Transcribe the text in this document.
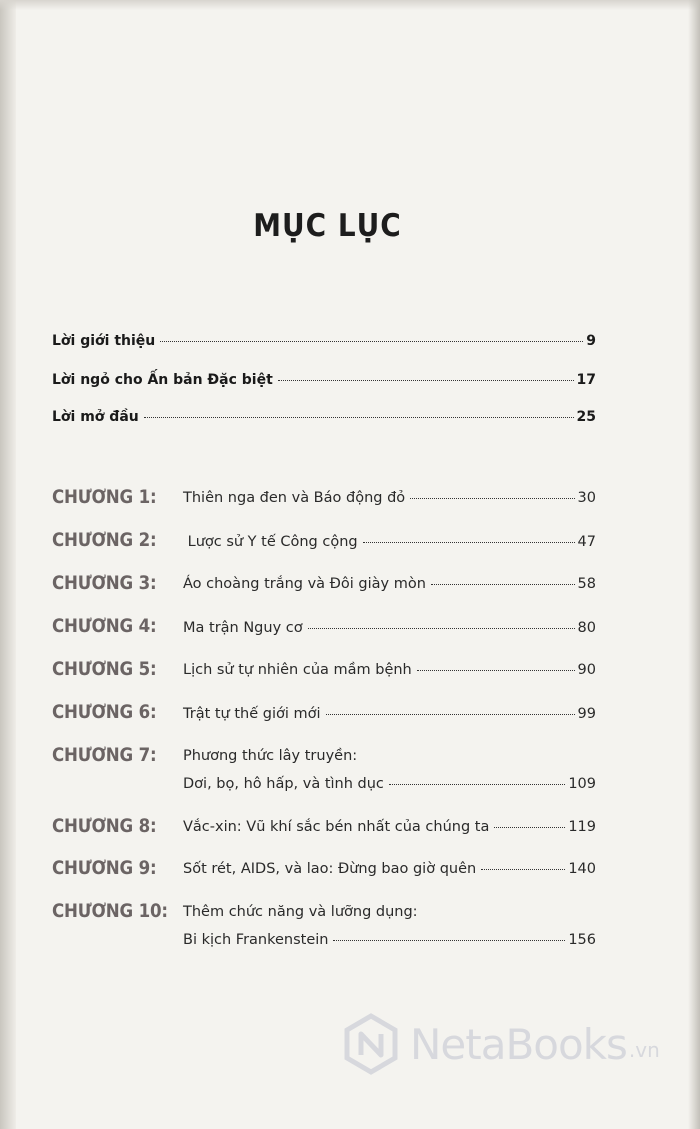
MỤC LỤC
Lời giới thiệu	9
Lời ngỏ cho Ấn bản Đặc biệt	17
Lời mở đầu	25
CHƯƠNG 1: Thiên nga đen và Báo động đỏ	30
CHƯƠNG 2: Lược sử Y tế Công cộng	47
CHƯƠNG 3: Áo choàng trắng và Đôi giày mòn	58
CHƯƠNG 4: Ma trận Nguy cơ	80
CHƯƠNG 5: Lịch sử tự nhiên của mầm bệnh	90
CHƯƠNG 6: Trật tự thế giới mới	99
CHƯƠNG 7: Phương thức lây truyền:
Dơi, bọ, hô hấp, và tình dục	109
CHƯƠNG 8: Vắc-xin: Vũ khí sắc bén nhất của chúng ta	119
CHƯƠNG 9: Sốt rét, AIDS, và lao: Đừng bao giờ quên	140
CHƯƠNG 10: Thêm chức năng và lưỡng dụng:
Bi kịch Frankenstein	156
NetaBooks .vn
